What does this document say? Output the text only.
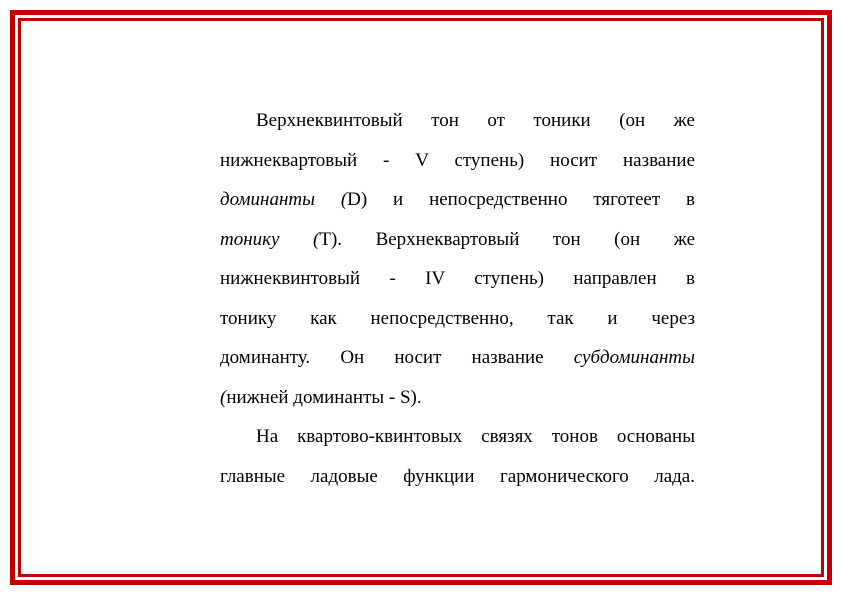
Верхнеквинтовый тон от тоники (он же
нижнеквартовый - V ступень) носит название
доминанты (D) и непосредственно тяготеет в
тонику (T). Верхнеквартовый тон (он же
нижнеквинтовый - IV ступень) направлен в
тонику как непосредственно, так и через
доминанту. Он носит название субдоминанты
(нижней доминанты - S).
На квартово-квинтовых связях тонов основаны
главные ладовые функции гармонического лада.
